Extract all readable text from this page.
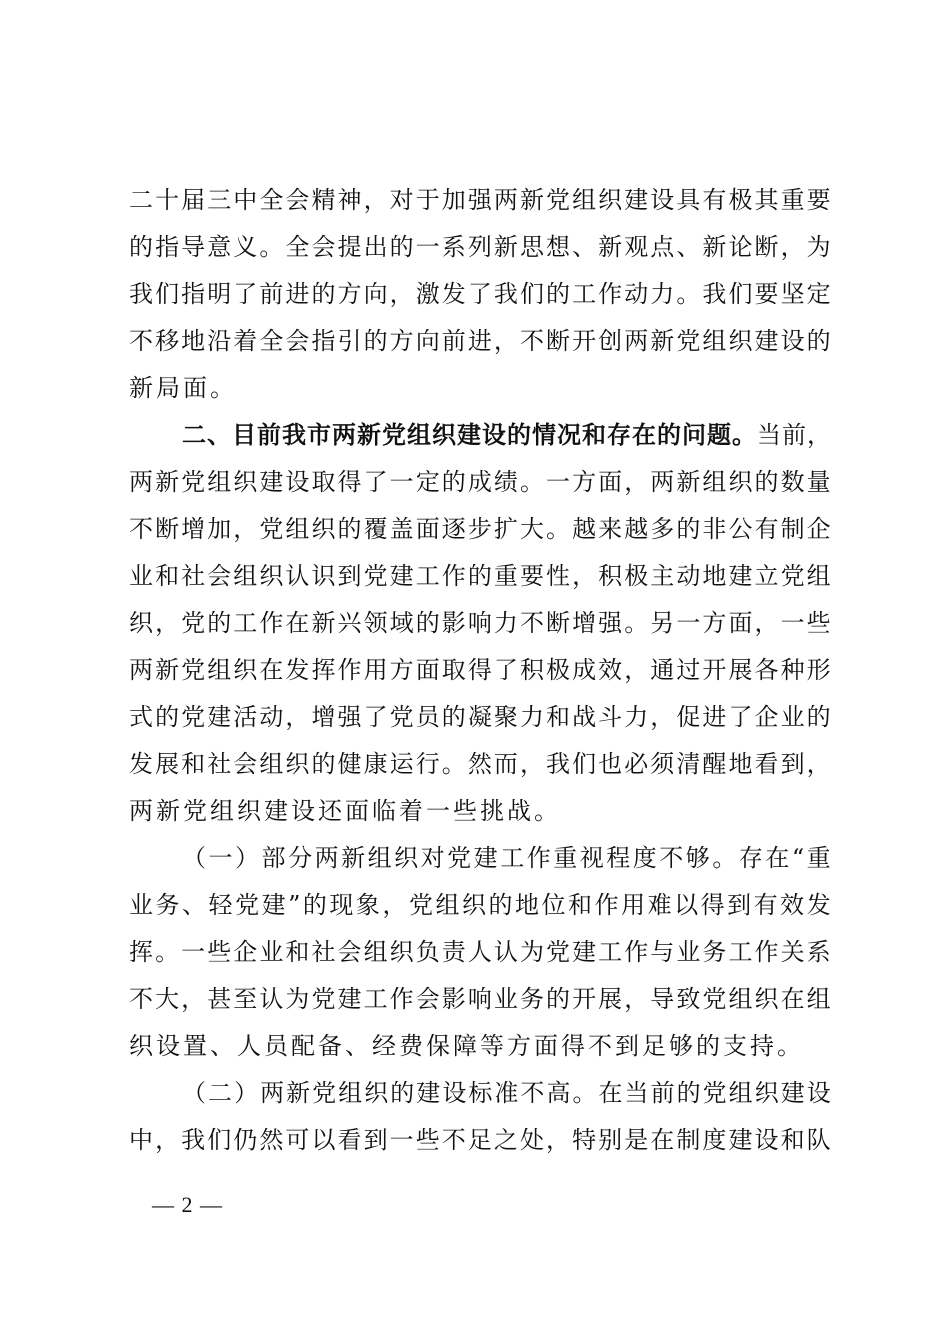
二 十 届 三 中 全 会 精 神 ， 对 于 加 强 两 新 党 组 织 建 设 具 有 极 其 重 要
的 指 导 意 义 。 全 会 提 出 的 一 系 列 新 思 想 、 新 观 点 、 新 论 断 ， 为
我 们 指 明 了 前 进 的 方 向 ， 激 发 了 我 们 的 工 作 动 力 。 我 们 要 坚 定
不 移 地 沿 着 全 会 指 引 的 方 向 前 进 ， 不 断 开 创 两 新 党 组 织 建 设 的
新 局 面 。
二 、 目 前 我 市 两 新 党 组 织 建 设 的 情 况 和 存 在 的 问 题 。 当 前 ，
两 新 党 组 织 建 设 取 得 了 一 定 的 成 绩 。 一 方 面 ， 两 新 组 织 的 数 量
不 断 增 加 ， 党 组 织 的 覆 盖 面 逐 步 扩 大 。 越 来 越 多 的 非 公 有 制 企
业 和 社 会 组 织 认 识 到 党 建 工 作 的 重 要 性 ， 积 极 主 动 地 建 立 党 组
织 ， 党 的 工 作 在 新 兴 领 域 的 影 响 力 不 断 增 强 。 另 一 方 面 ， 一 些
两 新 党 组 织 在 发 挥 作 用 方 面 取 得 了 积 极 成 效 ， 通 过 开 展 各 种 形
式 的 党 建 活 动 ， 增 强 了 党 员 的 凝 聚 力 和 战 斗 力 ， 促 进 了 企 业 的
发 展 和 社 会 组 织 的 健 康 运 行 。 然 而 ， 我 们 也 必 须 清 醒 地 看 到 ，
两 新 党 组 织 建 设 还 面 临 着 一 些 挑 战 。
（ 一 ） 部 分 两 新 组 织 对 党 建 工 作 重 视 程 度 不 够 。 存 在 “ 重
业 务 、 轻 党 建 ” 的 现 象 ， 党 组 织 的 地 位 和 作 用 难 以 得 到 有 效 发
挥 。 一 些 企 业 和 社 会 组 织 负 责 人 认 为 党 建 工 作 与 业 务 工 作 关 系
不 大 ， 甚 至 认 为 党 建 工 作 会 影 响 业 务 的 开 展 ， 导 致 党 组 织 在 组
织 设 置 、 人 员 配 备 、 经 费 保 障 等 方 面 得 不 到 足 够 的 支 持 。
（ 二 ） 两 新 党 组 织 的 建 设 标 准 不 高 。 在 当 前 的 党 组 织 建 设
中 ， 我 们 仍 然 可 以 看 到 一 些 不 足 之 处 ， 特 别 是 在 制 度 建 设 和 队
— 2 —
